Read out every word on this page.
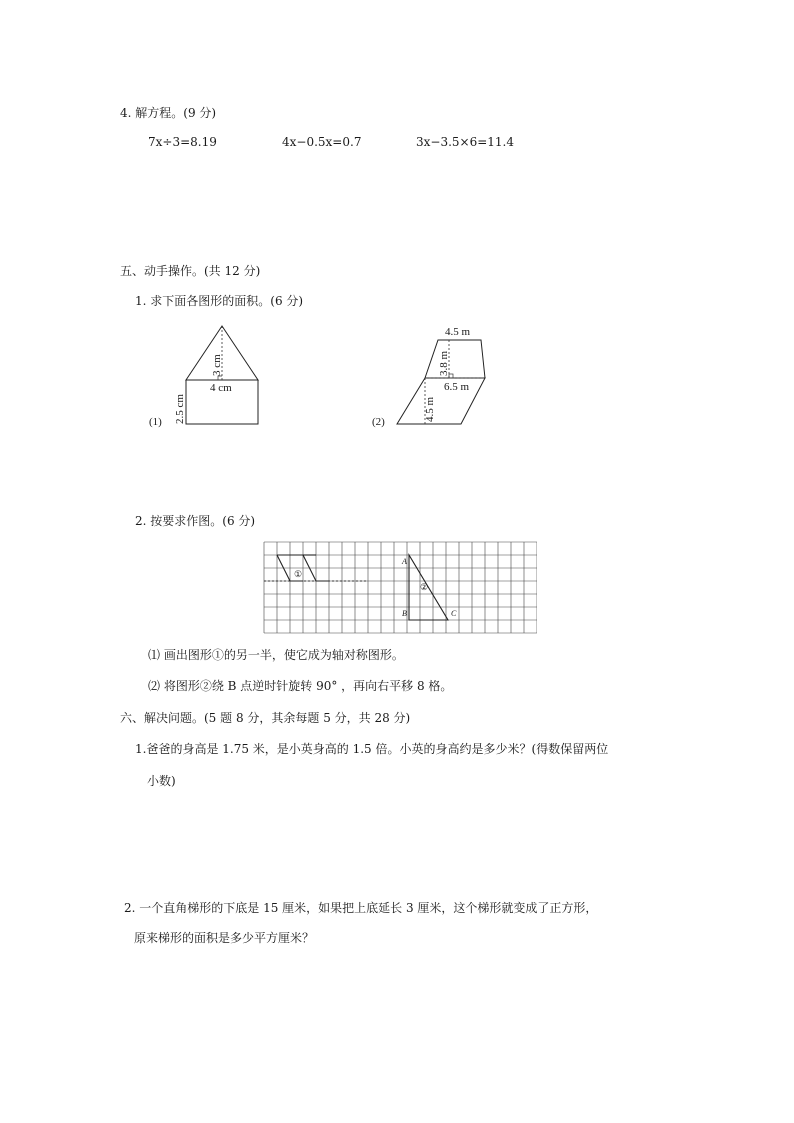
4. 解方程。(9 分)
7x÷3=8.19	4x−0.5x=0.7	3x−3.5×6=11.4
五、动手操作。(共 12 分)
1. 求下面各图形的面积。(6 分)
3 cm
4 cm
2.5 cm
(1)
4.5 m
3.8 m
6.5 m
4.5 m
(2)
2. 按要求作图。(6 分)
①
②
A
B	C
⑴ 画出图形①的另一半，使它成为轴对称图形。
⑵ 将图形②绕 B 点逆时针旋转 90° ，再向右平移 8 格。
六、解决问题。(5 题 8 分，其余每题 5 分，共 28 分)
1.爸爸的身高是 1.75 米，是小英身高的 1.5 倍。小英的身高约是多少米？(得数保留两位
小数)
2. 一个直角梯形的下底是 15 厘米，如果把上底延长 3 厘米，这个梯形就变成了正方形，
原来梯形的面积是多少平方厘米？
